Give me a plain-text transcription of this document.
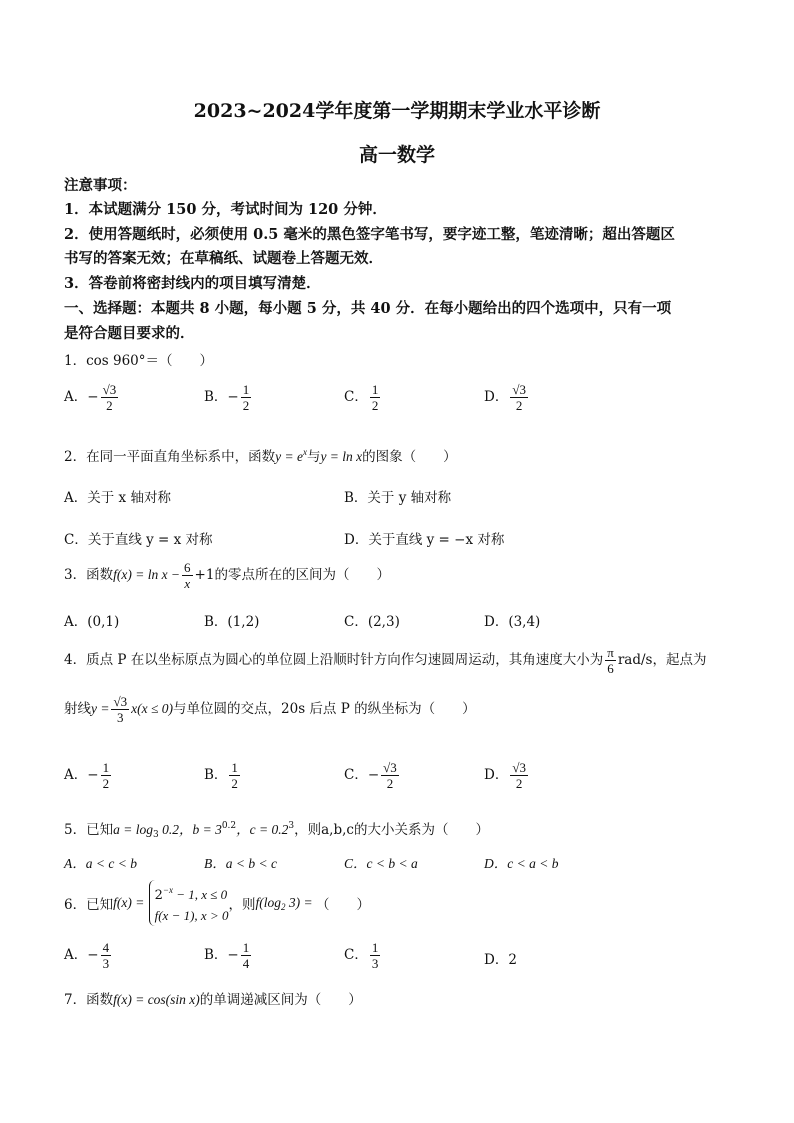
2023~2024学年度第一学期期末学业水平诊断
高一数学
注意事项：
1．本试题满分 150 分，考试时间为 120 分钟．
2．使用答题纸时，必须使用 0.5 毫米的黑色签字笔书写，要字迹工整，笔迹清晰；超出答题区
书写的答案无效；在草稿纸、试题卷上答题无效．
3．答卷前将密封线内的项目填写清楚．
一、选择题：本题共 8 小题，每小题 5 分，共 40 分．在每小题给出的四个选项中，只有一项
是符合题目要求的．
1．cos 960°＝（　　）
A．− $\frac{√3}{2}$	B．− $\frac{1}{2}$	C． $\frac{1}{2}$	D． $\frac{√3}{2}$
2．在同一平面直角坐标系中，函数$y = e^x$与y = ln x的图象（　　）
A．关于 x 轴对称	B．关于 y 轴对称
C．关于直线 y = x 对称	D．关于直线 y = −x 对称
3．函数$f(x) = \ln x - \frac{6}{x} +1$的零点所在的区间为（　　）
A．(0,1)	B．(1,2)	C．(2,3)	D．(3,4)
4．质点 P 在以坐标原点为圆心的单位圆上沿顺时针方向作匀速圆周运动，其角速度大小为 $\frac{\pi}{6} rad/s$，起点为
射线$y = \frac{√3}{3} x(x \le 0)$与单位圆的交点，20s 后点 P 的纵坐标为（　　）
A．− $\frac{1}{2}$	B． $\frac{1}{2}$	C．− $\frac{√3}{2}$	D． $\frac{√3}{2}$
5．已知$a = \log_3 0.2$，$b = 3^{0.2}$，$c = 0.2^3$，则a,b,c的大小关系为（　　）
A．a < c < b	B．a < b < c	C．c < b < a	D．c < a < b
6．已知$f(x) = 2^{-x} - 1$, x ≤ 0
f(x − 1), x > 0
，则$f(\log_2$ 3) = （　　）
A．− $\frac{4}{3}$	B．− $\frac{1}{4}$	C． $\frac{1}{3}$	D．2
7．函数f(x) = cos(sin x)的单调递减区间为（　　）
